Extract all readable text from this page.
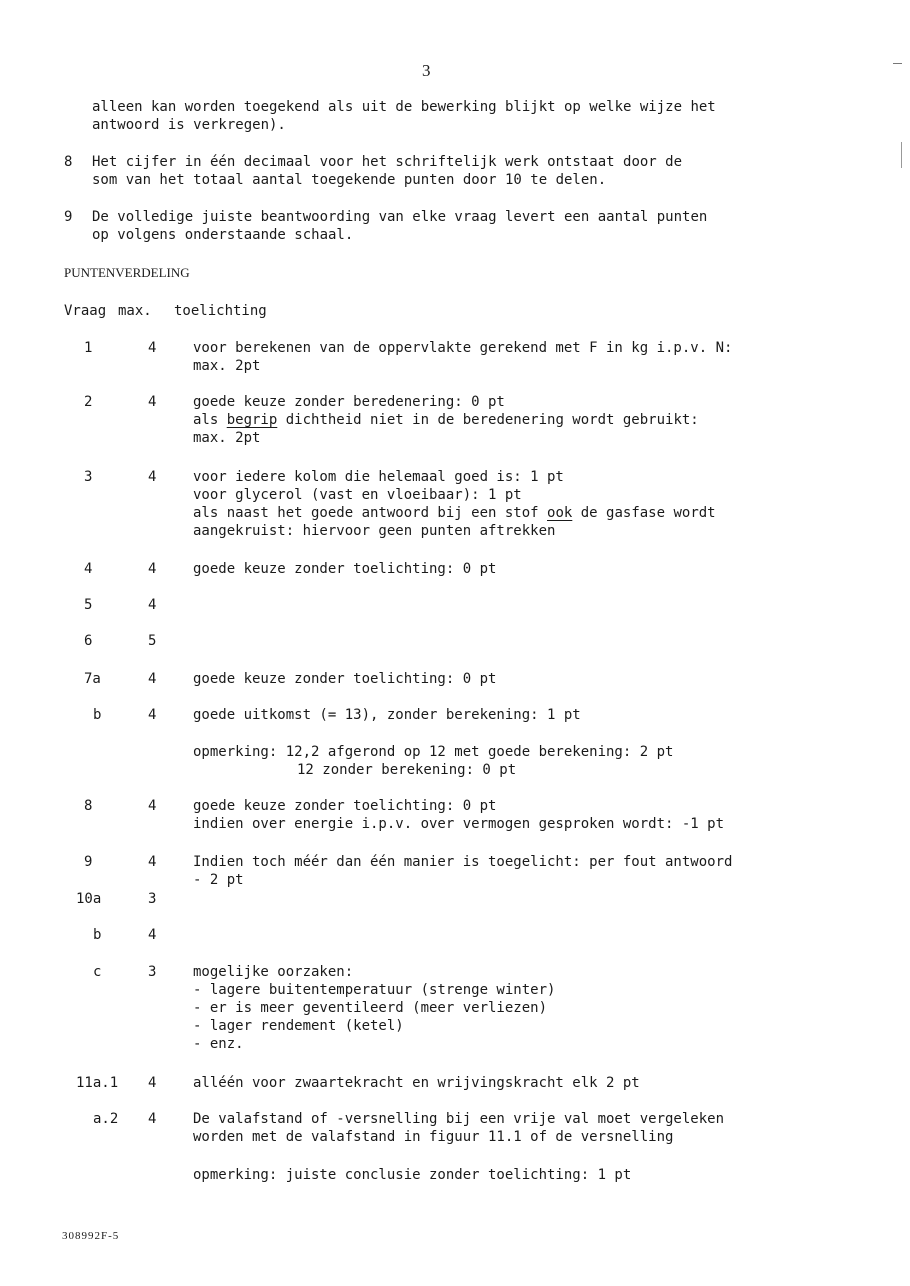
3
alleen kan worden toegekend als uit de bewerking blijkt op welke wijze het
antwoord is verkregen).
8 Het cijfer in één decimaal voor het schriftelijk werk ontstaat door de
som van het totaal aantal toegekende punten door 10 te delen.
9 De volledige juiste beantwoording van elke vraag levert een aantal punten
op volgens onderstaande schaal.
PUNTENVERDELING
Vraag max. toelichting
1	4	voor berekenen van de oppervlakte gerekend met F in kg i.p.v. N:
max. 2pt
2	4	goede keuze zonder beredenering: 0 pt
als begrip dichtheid niet in de beredenering wordt gebruikt:
max. 2pt
3	4	voor iedere kolom die helemaal goed is: 1 pt
voor glycerol (vast en vloeibaar): 1 pt
als naast het goede antwoord bij een stof ook de gasfase wordt
aangekruist: hiervoor geen punten aftrekken
4	4	goede keuze zonder toelichting: 0 pt
5	4
6	5
7a	4	goede keuze zonder toelichting: 0 pt
b	4	goede uitkomst (= 13), zonder berekening: 1 pt
opmerking: 12,2 afgerond op 12 met goede berekening: 2 pt
12 zonder berekening: 0 pt
8	4	goede keuze zonder toelichting: 0 pt
indien over energie i.p.v. over vermogen gesproken wordt: -1 pt
9	4	Indien toch méér dan één manier is toegelicht: per fout antwoord
- 2 pt
10a	3
b	4
c	3	mogelijke oorzaken:
- lagere buitentemperatuur (strenge winter)
- er is meer geventileerd (meer verliezen)
- lager rendement (ketel)
- enz.
11a.1 4	alléén voor zwaartekracht en wrijvingskracht elk 2 pt
a.2 4	De valafstand of -versnelling bij een vrije val moet vergeleken
worden met de valafstand in figuur 11.1 of de versnelling
opmerking: juiste conclusie zonder toelichting: 1 pt
308992F-5
